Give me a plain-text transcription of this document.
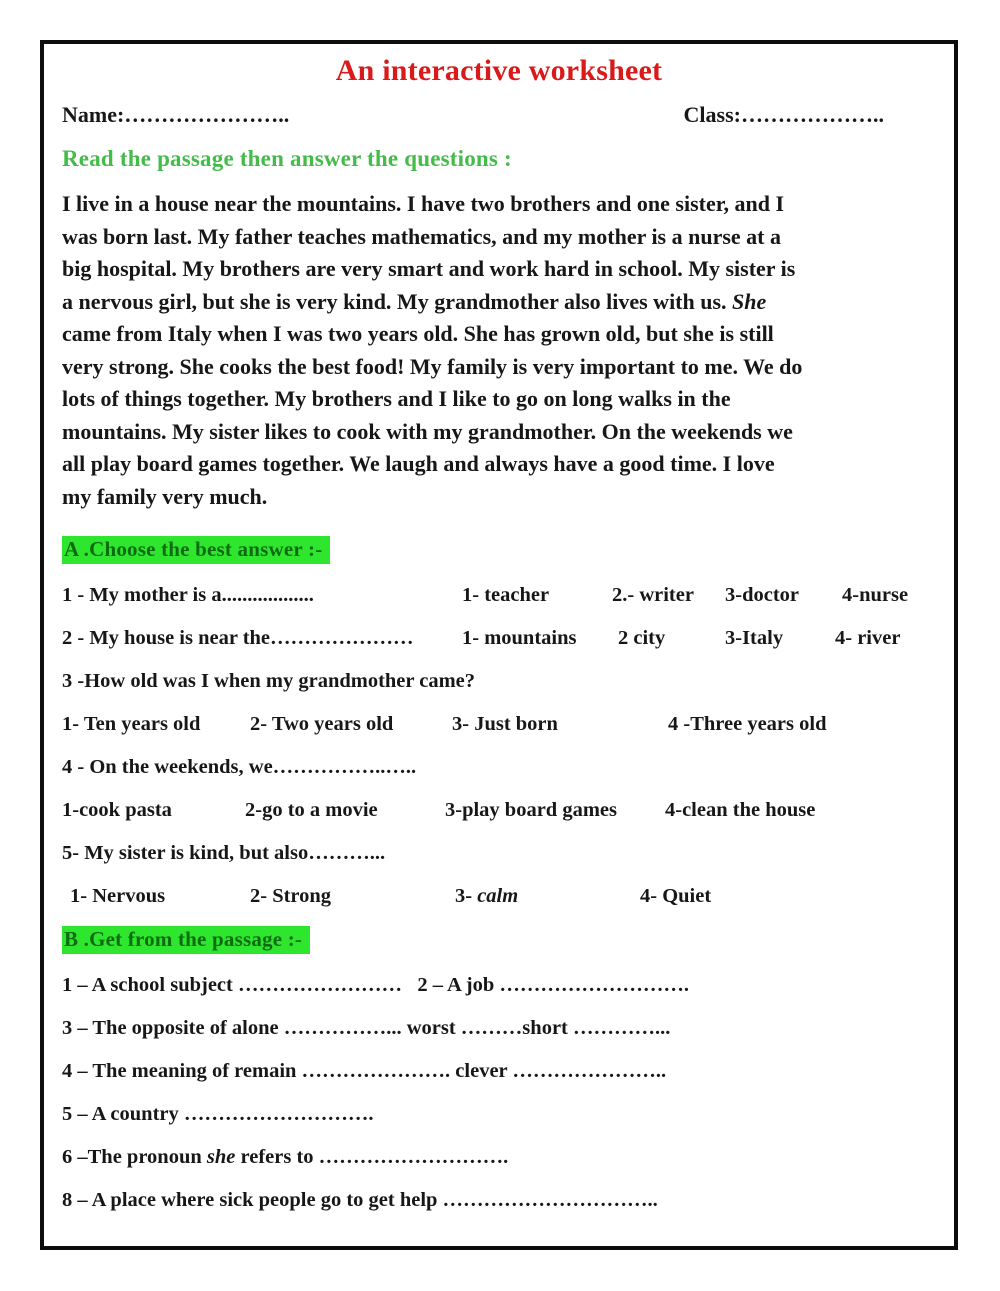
An interactive worksheet
Name:…………………..	Class:………………..
Read the passage then answer the questions :
I live in a house near the mountains. I have two brothers and one sister, and I
was born last. My father teaches mathematics, and my mother is a nurse at a
big hospital. My brothers are very smart and work hard in school. My sister is
a nervous girl, but she is very kind. My grandmother also lives with us. She
came from Italy when I was two years old. She has grown old, but she is still
very strong. She cooks the best food! My family is very important to me. We do
lots of things together. My brothers and I like to go on long walks in the
mountains. My sister likes to cook with my grandmother. On the weekends we
all play board games together. We laugh and always have a good time. I love
my family very much.
A .Choose the best answer :-
1 - My mother is a..................	1- teacher	2.- writer	3-doctor	4-nurse
2 - My house is near the…………………	1- mountains	2 city	3-Italy	4- river
3 -How old was I when my grandmother came?
1- Ten years old	2- Two years old	3- Just born	4 -Three years old
4 - On the weekends, we……………..…..
1-cook pasta	2-go to a movie	3-play board games	4-clean the house
5- My sister is kind, but also………...
1- Nervous	2- Strong	3- calm	4- Quiet
B .Get from the passage :-
1 – A school subject ……………………   2 – A job ……………………….
3 – The opposite of alone ……………... worst ………short …………...
4 – The meaning of remain …………………. clever …………………..
5 – A country ……………………….
6 –The pronoun she refers to ……………………….
8 – A place where sick people go to get help …………………………..
